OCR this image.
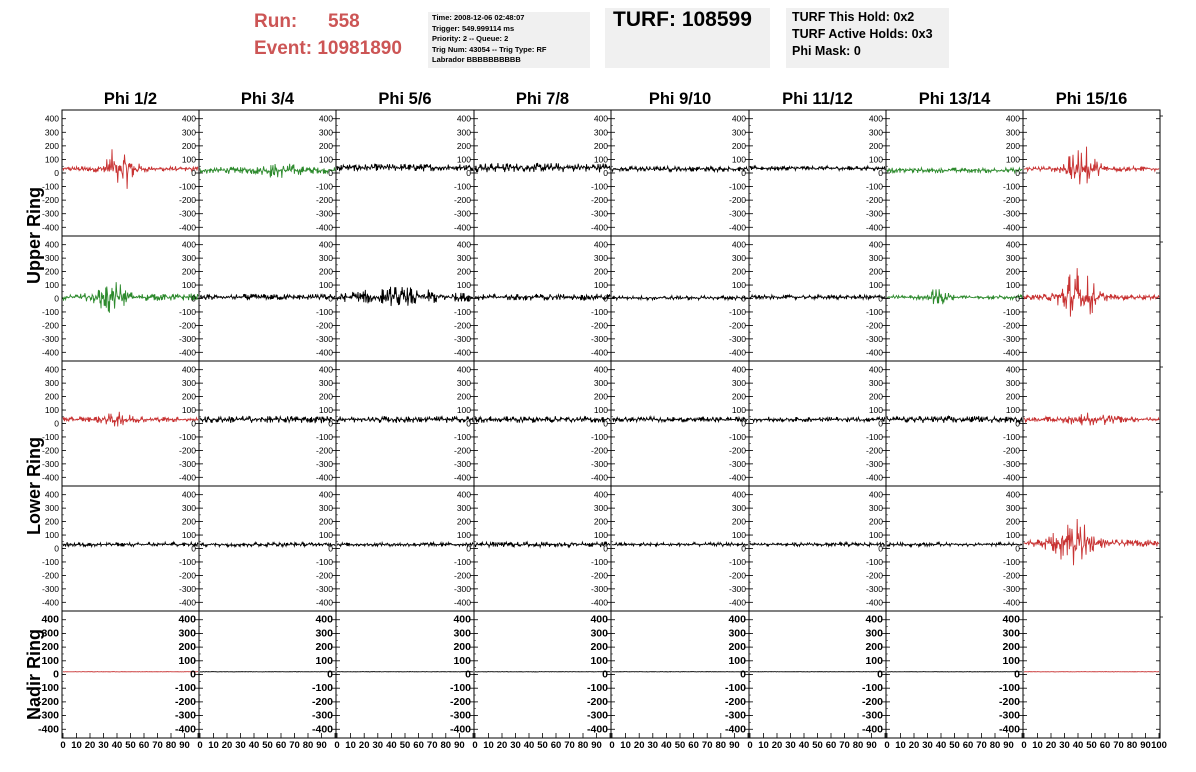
Run: 558
Event: 10981890
Time: 2008-12-06 02:48:07
Trigger: 549.999114 ms
Priority: 2 -- Queue: 2
Trig Num: 43054 -- Trig Type: RF
Labrador BBBBBBBBBB
TURF: 108599	TURF This Hold: 0x2
TURF Active Holds: 0x3
Phi Mask: 0
Phi 1/2	Phi 3/4	Phi 5/6	Phi 7/8	Phi 9/10	Phi 11/12	Phi 13/14	Phi 15/16
Upper Ring
Lower Ring
Nadir Ring
-400
-300
-200
-100
0
100
200
300
400
-400
-300
-200
-100
0
100
200
300
400
-400
-300
-200
-100
0
100
200
300
400
-400
-300
-200
-100
0
100
200
300
400
-400
-300
-200
-100
0
100
200
300
400
-400
-300
-200
-100
0
100
200
300
400
-400
-300
-200
-100
0
100
200
300
400
-400
-300
-200
-100
0
100
200
300
400
-400
-300
-200
-100
0
100
200
300
400
-400
-300
-200
-100
0
100
200
300
400
-400
-300
-200
-100
0
100
200
300
400
-400
-300
-200
-100
0
100
200
300
400
-400
-300
-200
-100
0
100
200
300
400
-400
-300
-200
-100
0
100
200
300
400
-400
-300
-200
-100
0
100
200
300
400
-400
-300
-200
-100
0
100
200
300
400
-400
-300
-200
-100
0
100
200
300
400
-400
-300
-200
-100
0
100
200
300
400
-400
-300
-200
-100
0
100
200
300
400
-400
-300
-200
-100
0
100
200
300
400
-400
-300
-200
-100
0
100
200
300
400
-400
-300
-200
-100
0
100
200
300
400
-400
-300
-200
-100
0
100
200
300
400
-400
-300
-200
-100
0
100
200
300
400
-400
-300
-200
-100
0
100
200
300
400
-400
-300
-200
-100
0
100
200
300
400
-400
-300
-200
-100
0
100
200
300
400
-400
-300
-200
-100
0
100
200
300
400
-400
-300
-200
-100
0
100
200
300
400
-400
-300
-200
-100
0
100
200
300
400
-400
-300
-200
-100
0
100
200
300
400
-400
-300
-200
-100
0
100
200
300
400
-400
-300
-200
-100
0
100
200
300
400
-400
-300
-200
-100
0
100
200
300
400
-400
-300
-200
-100
0
100
200
300
400
-400
-300
-200
-100
0
100
200
300
400
-400
-300
-200
-100
0
100
200
300
400
-400
-300
-200
-100
0
100
200
300
400
-400
-300
-200
-100
0
100
200
300
400
-400
-300
-200
-100
0
100
200
300
400
0 10 20 30 40 50 60 70 80 90 0 10 20 30 40 50 60 70 80 90 0 10 20 30 40 50 60 70 80 90 0 10 20 30 40 50 60 70 80 90 0 10 20 30 40 50 60 70 80 90 0 10 20 30 40 50 60 70 80 90 0 10 20 30 40 50 60 70 80 90 0 10 20 30 40 50 60 70 80 90 100
